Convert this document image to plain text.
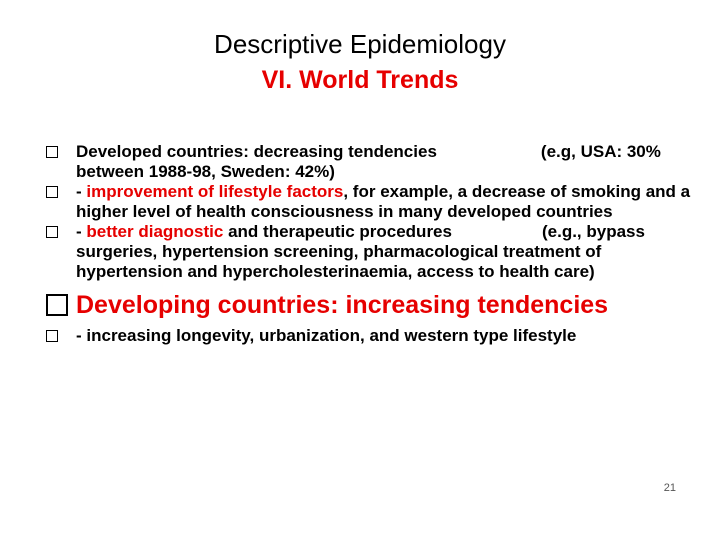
Descriptive Epidemiology
VI. World Trends
Developed countries: decreasing tendencies	(e.g, USA: 30% between 1988-98, Sweden: 42%)
- improvement of lifestyle factors, for example, a decrease of smoking and a higher level of health consciousness in many developed countries
- better diagnostic and therapeutic procedures	(e.g., bypass surgeries, hypertension screening, pharmacological treatment of hypertension and hypercholesterinaemia, access to health care)
Developing countries: increasing tendencies
- increasing longevity, urbanization, and western type lifestyle
21
